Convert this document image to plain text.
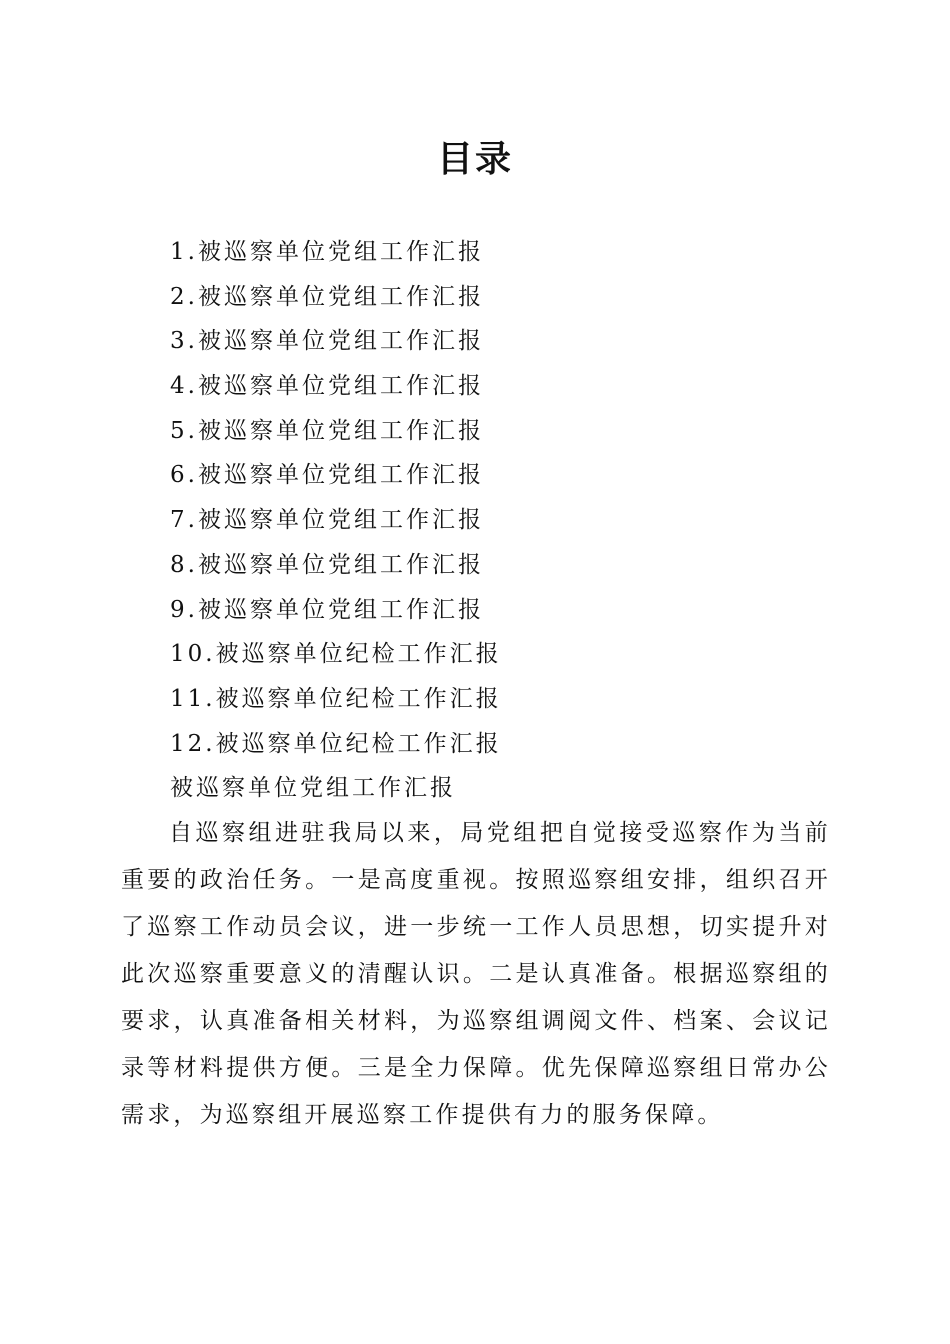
目录
1.被巡察单位党组工作汇报
2.被巡察单位党组工作汇报
3.被巡察单位党组工作汇报
4.被巡察单位党组工作汇报
5.被巡察单位党组工作汇报
6.被巡察单位党组工作汇报
7.被巡察单位党组工作汇报
8.被巡察单位党组工作汇报
9.被巡察单位党组工作汇报
10.被巡察单位纪检工作汇报
11.被巡察单位纪检工作汇报
12.被巡察单位纪检工作汇报
被巡察单位党组工作汇报

自巡察组进驻我局以来，局党组把自觉接受巡察作为当前重要的政治任务。一是高度重视。按照巡察组安排，组织召开了巡察工作动员会议，进一步统一工作人员思想，切实提升对此次巡察重要意义的清醒认识。二是认真准备。根据巡察组的要求，认真准备相关材料，为巡察组调阅文件、档案、会议记录等材料提供方便。三是全力保障。优先保障巡察组日常办公需求，为巡察组开展巡察工作提供有力的服务保障。
